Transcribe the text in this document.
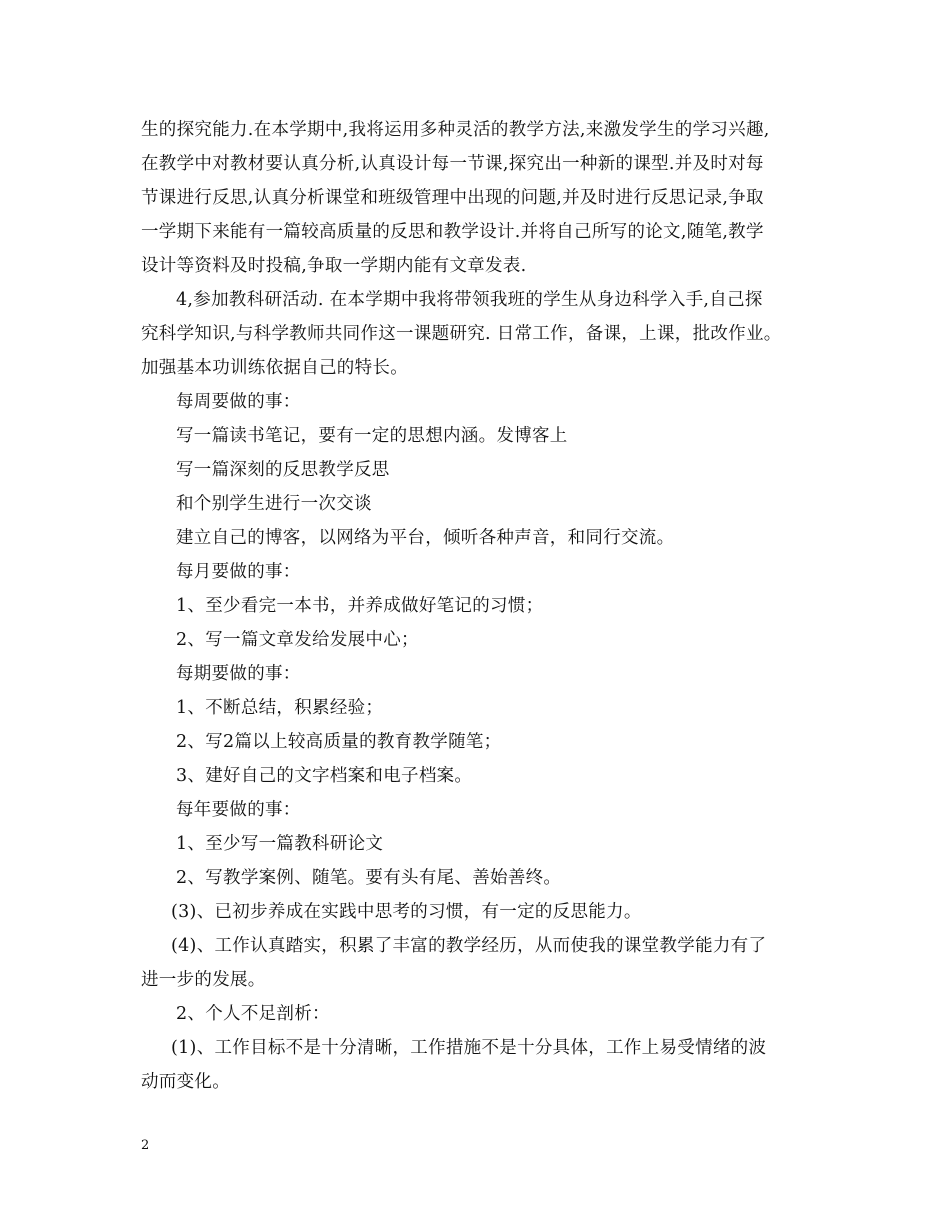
生的探究能力.在本学期中,我将运用多种灵活的教学方法,来激发学生的学习兴趣,
在教学中对教材要认真分析,认真设计每一节课,探究出一种新的课型.并及时对每
节课进行反思,认真分析课堂和班级管理中出现的问题,并及时进行反思记录,争取
一学期下来能有一篇较高质量的反思和教学设计.并将自己所写的论文,随笔,教学
设计等资料及时投稿,争取一学期内能有文章发表.
4,参加教科研活动. 在本学期中我将带领我班的学生从身边科学入手,自己探
究科学知识,与科学教师共同作这一课题研究. 日常工作，备课，上课，批改作业。
加强基本功训练依据自己的特长。
每周要做的事：
写一篇读书笔记，要有一定的思想内涵。发博客上
写一篇深刻的反思教学反思
和个别学生进行一次交谈
建立自己的博客，以网络为平台，倾听各种声音，和同行交流。
每月要做的事：
1、至少看完一本书，并养成做好笔记的习惯；
2、写一篇文章发给发展中心；
每期要做的事：
1、不断总结，积累经验；
2、写2篇以上较高质量的教育教学随笔；
3、建好自己的文字档案和电子档案。
每年要做的事：
1、至少写一篇教科研论文
2、写教学案例、随笔。要有头有尾、善始善终。
(3)、已初步养成在实践中思考的习惯，有一定的反思能力。
(4)、工作认真踏实，积累了丰富的教学经历，从而使我的课堂教学能力有了
进一步的发展。
2、个人不足剖析：
(1)、工作目标不是十分清晰，工作措施不是十分具体，工作上易受情绪的波
动而变化。
2
